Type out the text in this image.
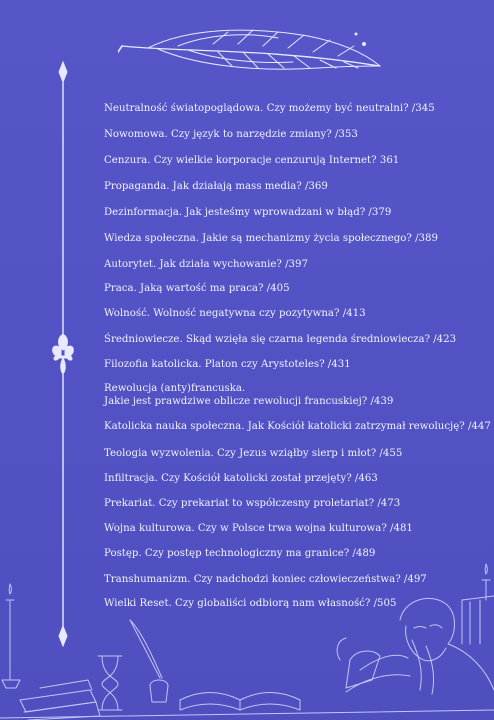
Neutralność światopoglądowa. Czy możemy być neutralni? /345
Nowomowa. Czy język to narzędzie zmiany? /353
Cenzura. Czy wielkie korporacje cenzurują Internet? 361
Propaganda. Jak działają mass media? /369
Dezinformacja. Jak jesteśmy wprowadzani w błąd? /379
Wiedza społeczna. Jakie są mechanizmy życia społecznego? /389
Autorytet. Jak działa wychowanie? /397
Praca. Jaką wartość ma praca? /405
Wolność. Wolność negatywna czy pozytywna? /413
Średniowiecze. Skąd wzięła się czarna legenda średniowiecza? /423
Filozofia katolicka. Platon czy Arystoteles? /431
Rewolucja (anty)francuska.
Jakie jest prawdziwe oblicze rewolucji francuskiej? /439
Katolicka nauka społeczna. Jak Kościół katolicki zatrzymał rewolucję? /447
Teologia wyzwolenia. Czy Jezus wziąłby sierp i młot? /455
Infiltracja. Czy Kościół katolicki został przejęty? /463
Prekariat. Czy prekariat to współczesny proletariat? /473
Wojna kulturowa. Czy w Polsce trwa wojna kulturowa? /481
Postęp. Czy postęp technologiczny ma granice? /489
Transhumanizm. Czy nadchodzi koniec człowieczeństwa? /497
Wielki Reset. Czy globaliści odbiorą nam własność? /505
